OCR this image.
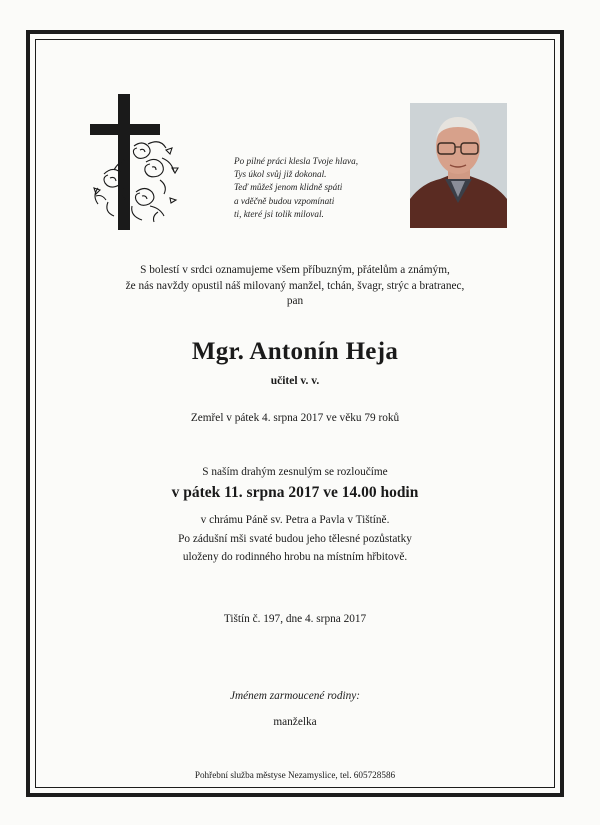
Po pilné práci klesla Tvoje hlava,
Tys úkol svůj již dokonal.
Teď můžeš jenom klidně spáti
a vděčně budou vzpomínati
ti, které jsi tolik miloval.
S bolestí v srdci oznamujeme všem příbuzným, přátelům a známým,
že nás navždy opustil náš milovaný manžel, tchán, švagr, strýc a bratranec,
pan
Mgr. Antonín Heja
učitel v. v.
Zemřel v pátek 4. srpna 2017 ve věku 79 roků
S naším drahým zesnulým se rozloučíme
v pátek 11. srpna 2017 ve 14.00 hodin
v chrámu Páně sv. Petra a Pavla v Tištíně.
Po zádušní mši svaté budou jeho tělesné pozůstatky
uloženy do rodinného hrobu na místním hřbitově.
Tištín č. 197, dne 4. srpna 2017
Jménem zarmoucené rodiny:
manželka
Pohřební služba městyse Nezamyslice, tel. 605728586
